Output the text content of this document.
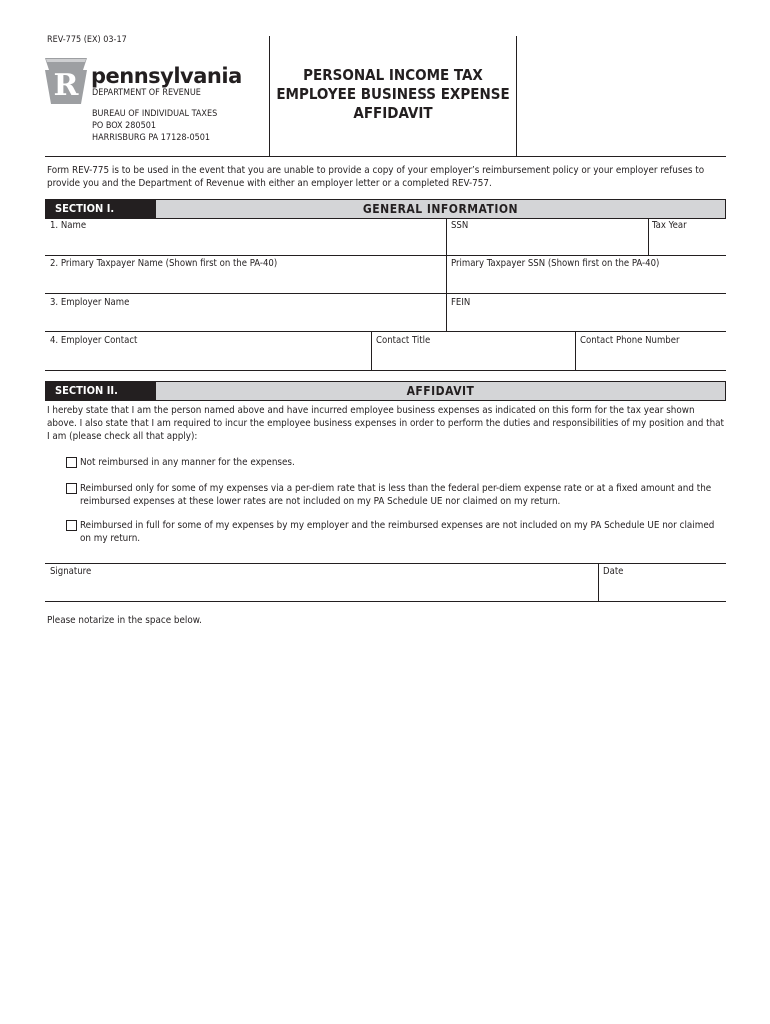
REV-775 (EX) 03-17
R pennsylvania
DEPARTMENT OF REVENUE
BUREAU OF INDIVIDUAL TAXES
PO BOX 280501
HARRISBURG PA 17128-0501
PERSONAL INCOME TAX
EMPLOYEE BUSINESS EXPENSE
AFFIDAVIT
Form REV-775 is to be used in the event that you are unable to provide a copy of your employer’s reimbursement policy or your employer refuses to provide you and the Department of Revenue with either an employer letter or a completed REV-757.
SECTION I.	GENERAL INFORMATION
1. Name	SSN	Tax Year
2. Primary Taxpayer Name (Shown first on the PA-40)	Primary Taxpayer SSN (Shown first on the PA-40)
3. Employer Name	FEIN
4. Employer Contact	Contact Title	Contact Phone Number
SECTION II.	AFFIDAVIT
I hereby state that I am the person named above and have incurred employee business expenses as indicated on this form for the tax year shown above. I also state that I am required to incur the employee business expenses in order to perform the duties and responsibilities of my position and that I am (please check all that apply):
Not reimbursed in any manner for the expenses.
Reimbursed only for some of my expenses via a per-diem rate that is less than the federal per-diem expense rate or at a fixed amount and the reimbursed expenses at these lower rates are not included on my PA Schedule UE nor claimed on my return.
Reimbursed in full for some of my expenses by my employer and the reimbursed expenses are not included on my PA Schedule UE nor claimed on my return.
Signature	Date
Please notarize in the space below.
